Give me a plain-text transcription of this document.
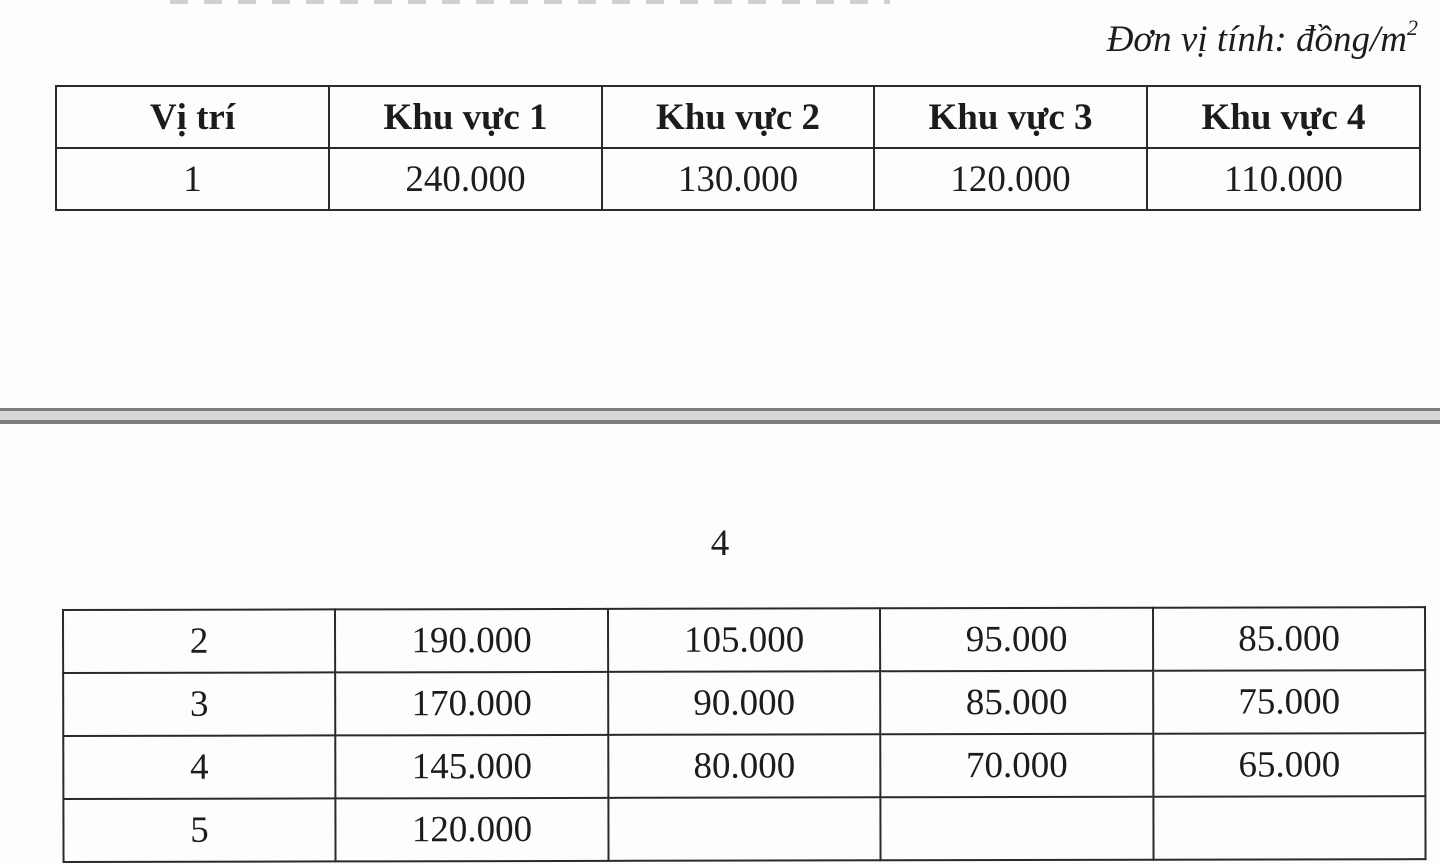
Đơn vị tính: đồng/$m^2$
Vị trí	Khu vực 1	Khu vực 2	Khu vực 3	Khu vực 4
1	240.000	130.000	120.000	110.000
4
2	190.000	105.000	95.000	85.000
3	170.000	90.000	85.000	75.000
4	145.000	80.000	70.000	65.000
5	120.000			
